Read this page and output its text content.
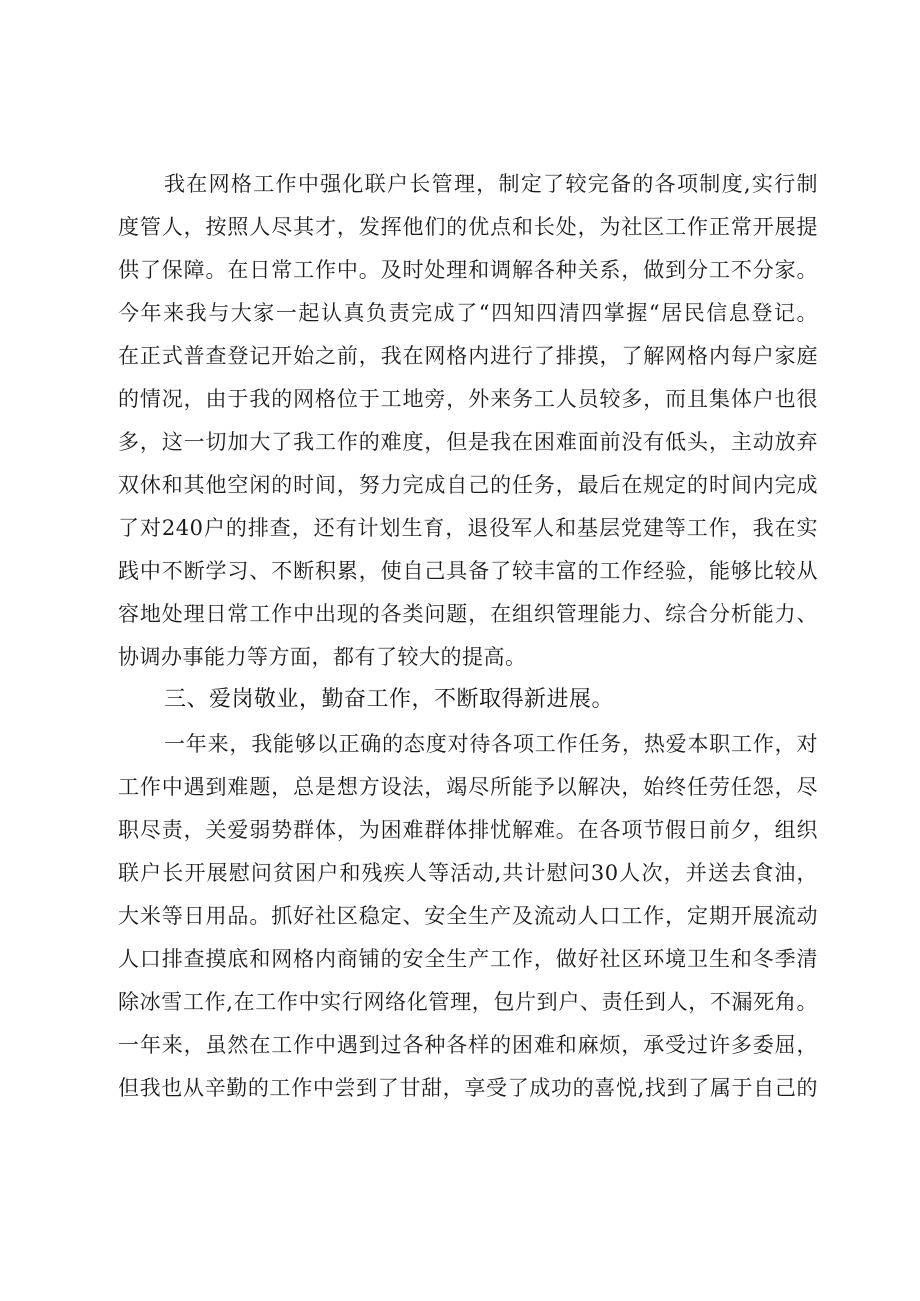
我在网格工作中强化联户长管理，制定了较完备的各项制度,实行制
度管人，按照人尽其才，发挥他们的优点和长处，为社区工作正常开展提
供了保障。在日常工作中。及时处理和调解各种关系，做到分工不分家。
今年来我与大家一起认真负责完成了“四知四清四掌握“居民信息登记。
在正式普查登记开始之前，我在网格内进行了排摸，了解网格内每户家庭
的情况，由于我的网格位于工地旁，外来务工人员较多，而且集体户也很
多，这一切加大了我工作的难度，但是我在困难面前没有低头，主动放弃
双休和其他空闲的时间，努力完成自己的任务，最后在规定的时间内完成
了对240户的排查，还有计划生育，退役军人和基层党建等工作，我在实
践中不断学习、不断积累，使自己具备了较丰富的工作经验，能够比较从
容地处理日常工作中出现的各类问题，在组织管理能力、综合分析能力、
协调办事能力等方面，都有了较大的提高。
三、爱岗敬业，勤奋工作，不断取得新进展。
一年来，我能够以正确的态度对待各项工作任务，热爱本职工作，对
工作中遇到难题，总是想方设法，竭尽所能予以解决，始终任劳任怨，尽
职尽责，关爱弱势群体，为困难群体排忧解难。在各项节假日前夕，组织
联户长开展慰问贫困户和残疾人等活动,共计慰问30人次，并送去食油，
大米等日用品。抓好社区稳定、安全生产及流动人口工作，定期开展流动
人口排查摸底和网格内商铺的安全生产工作，做好社区环境卫生和冬季清
除冰雪工作,在工作中实行网络化管理，包片到户、责任到人，不漏死角。
一年来，虽然在工作中遇到过各种各样的困难和麻烦，承受过许多委屈，
但我也从辛勤的工作中尝到了甘甜，享受了成功的喜悦,找到了属于自己的
